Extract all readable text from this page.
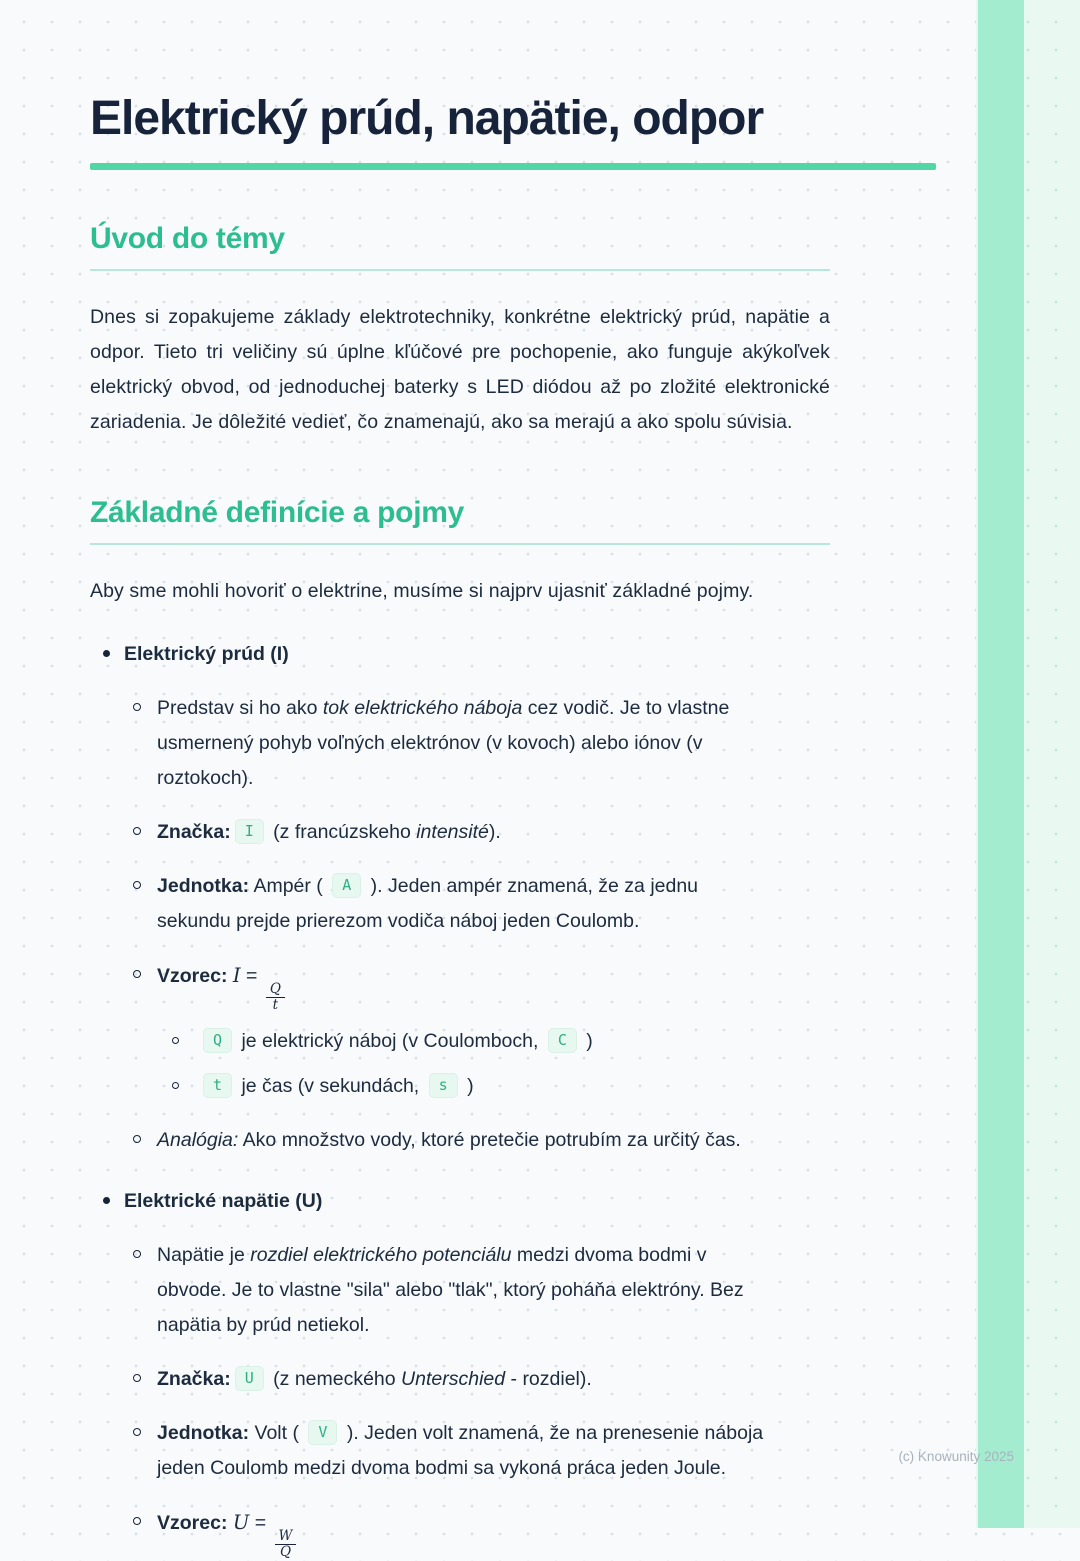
Elektrický prúd, napätie, odpor
Úvod do témy

Dnes si zopakujeme základy elektrotechniky, konkrétne elektrický prúd, napätie a odpor. Tieto tri veličiny sú úplne kľúčové pre pochopenie, ako funguje akýkoľvek elektrický obvod, od jednoduchej baterky s LED diódou až po zložité elektronické zariadenia. Je dôležité vedieť, čo znamenajú, ako sa merajú a ako spolu súvisia.

Základné definície a pojmy

Aby sme mohli hovoriť o elektrine, musíme si najprv ujasniť základné pojmy.

Elektrický prúd (I)
Predstav si ho ako tok elektrického náboja cez vodič. Je to vlastne usmernený pohyb voľných elektrónov (v kovoch) alebo iónov (v roztokoch).
Značka: I (z francúzskeho intensité).
Jednotka: Ampér ( A ). Jeden ampér znamená, že za jednu sekundu prejde prierezom vodiča náboj jeden Coulomb.
Vzorec: I =
$\frac{Q}{t}$
Q je elektrický náboj (v Coulomboch, C )
t je čas (v sekundách, s )
Analógia: Ako množstvo vody, ktoré pretečie potrubím za určitý čas.
Elektrické napätie (U)
Napätie je rozdiel elektrického potenciálu medzi dvoma bodmi v obvode. Je to vlastne "sila" alebo "tlak", ktorý poháňa elektróny. Bez napätia by prúd netiekol.
Značka: U (z nemeckého Unterschied - rozdiel).
Jednotka: Volt ( V ). Jeden volt znamená, že na prenesenie náboja jeden Coulomb medzi dvoma bodmi sa vykoná práca jeden Joule.
Vzorec: U =
$\frac{W}{Q}$
(c) Knowunity 2025
